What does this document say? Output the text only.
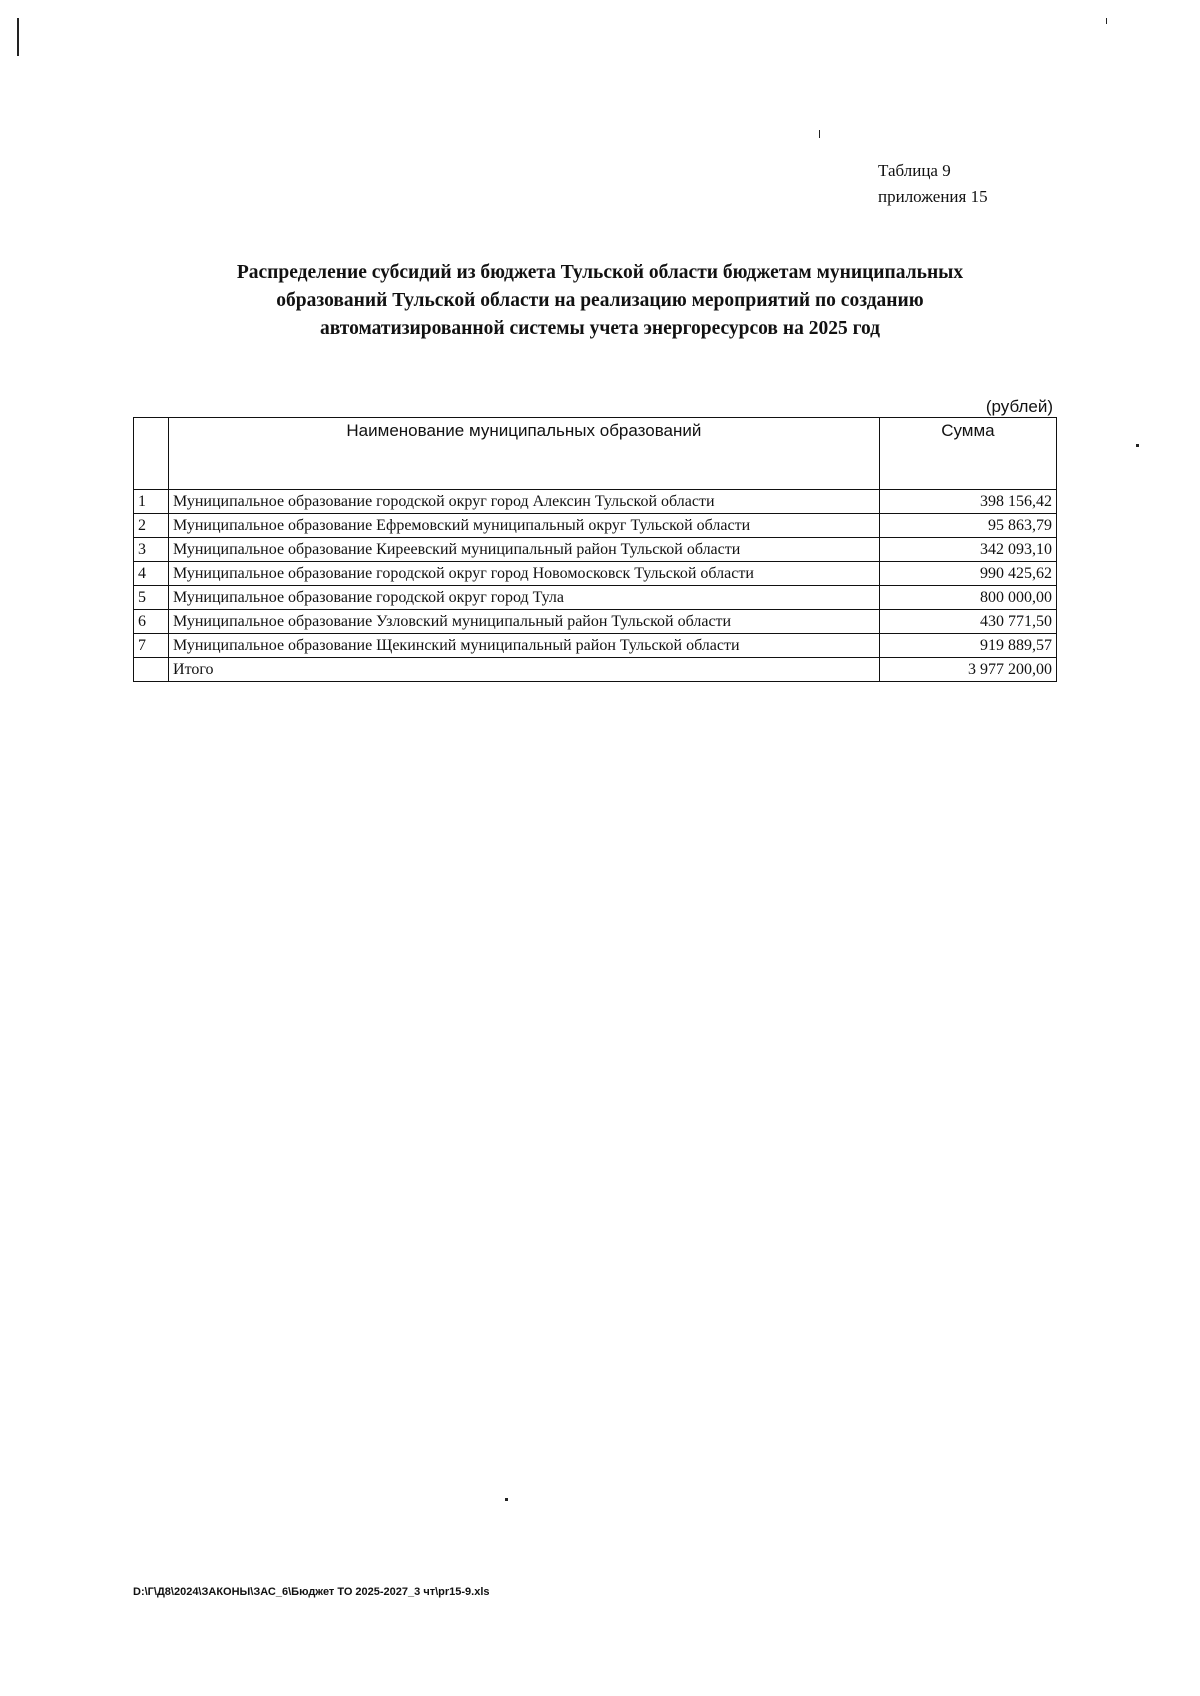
Таблица 9
приложения 15
Распределение субсидий из бюджета Тульской области бюджетам муниципальных
образований Тульской области на реализацию мероприятий по созданию
автоматизированной системы учета энергоресурсов на 2025 год
(рублей)
	Наименование муниципальных образований	Сумма
1	Муниципальное образование городской округ город Алексин Тульской области	398 156,42
2	Муниципальное образование Ефремовский муниципальный округ Тульской области	95 863,79
3	Муниципальное образование Киреевский муниципальный район Тульской области	342 093,10
4	Муниципальное образование городской округ город Новомосковск Тульской области	990 425,62
5	Муниципальное образование городской округ город Тула	800 000,00
6	Муниципальное образование Узловский муниципальный район Тульской области	430 771,50
7	Муниципальное образование Щекинский муниципальный район Тульской области	919 889,57
	Итого	3 977 200,00
D:\Г\Д8\2024\ЗАКОНЫ\ЗАС_6\Бюджет ТО 2025-2027_3 чт\pr15-9.xls
